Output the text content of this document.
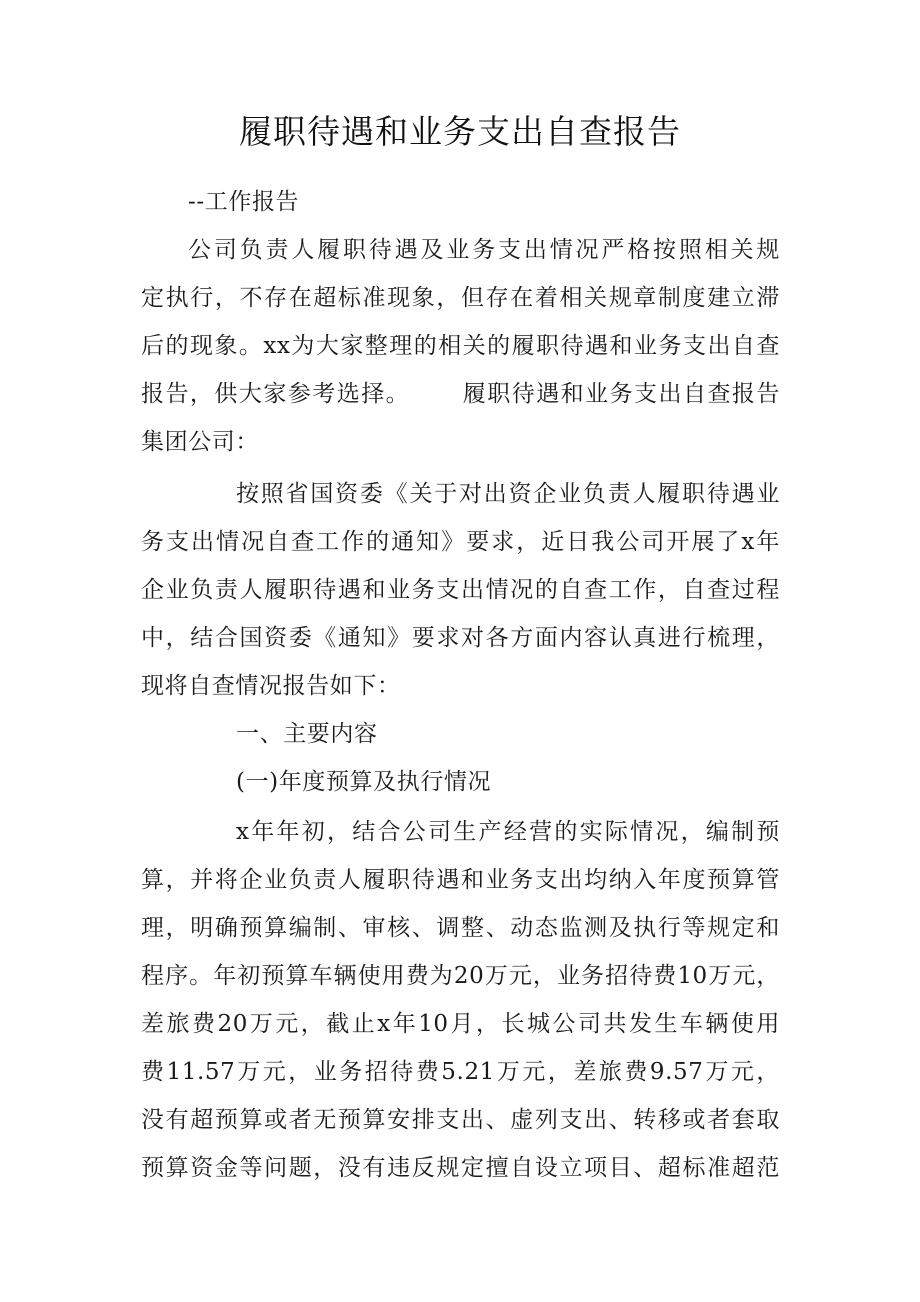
履职待遇和业务支出自查报告
--工作报告
公司负责人履职待遇及业务支出情况严格按照相关规
定执行，不存在超标准现象，但存在着相关规章制度建立滞
后的现象。xx为大家整理的相关的履职待遇和业务支出自查
报告，供大家参考选择。      履职待遇和业务支出自查报告
集团公司：
按照省国资委《关于对出资企业负责人履职待遇业
务支出情况自查工作的通知》要求，近日我公司开展了x年
企业负责人履职待遇和业务支出情况的自查工作，自查过程
中，结合国资委《通知》要求对各方面内容认真进行梳理，
现将自查情况报告如下：
一、主要内容
(一)年度预算及执行情况
x年年初，结合公司生产经营的实际情况，编制预
算，并将企业负责人履职待遇和业务支出均纳入年度预算管
理，明确预算编制、审核、调整、动态监测及执行等规定和
程序。年初预算车辆使用费为20万元，业务招待费10万元，
差旅费20万元，截止x年10月，长城公司共发生车辆使用
费11.57万元，业务招待费5.21万元，差旅费9.57万元，
没有超预算或者无预算安排支出、虚列支出、转移或者套取
预算资金等问题，没有违反规定擅自设立项目、超标准超范
